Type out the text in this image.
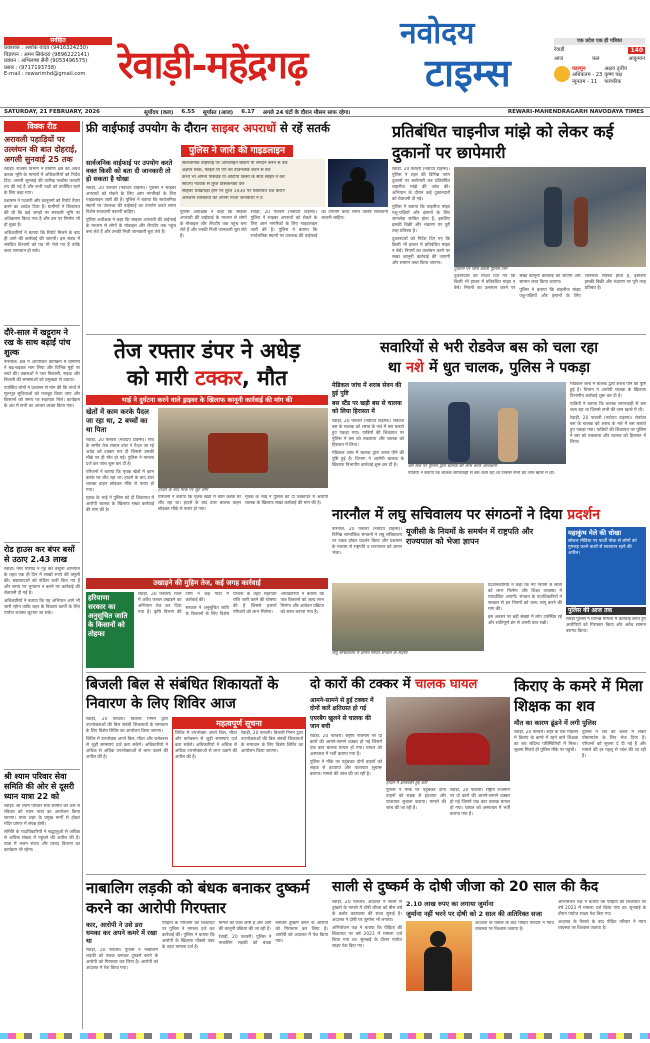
सर्वहित
प्रकाशक : अशोक यादव (9416324230)
विज्ञापन : अमन सिकंदरा (9896222141)
प्रबंधन : अभिलाषा सैनी (9053496575)
प्रसार : (9717193738)
E-mail : rewarimhd@gmail.com रेवाड़ी-महेंद्रगढ़
नवोदय
टाइम्स
एक प्रदेश एक ही पत्रिका
रेवाड़ी	140
आज	कल	आकुमान
फाल्गुन
अधिकतम - 23
न्यूनतम - 11
अक्षय तृतीय
कृष्ण पक्ष
पारंपरिक
SATURDAY, 21 FEBRUARY, 2026	सूर्योदय (कल) 6.55 सूर्यास्त (आज) 6.17 अगले 24 घंटों के दौरान मौसम साफ रहेगा।	REWARI-MAHENDRAGARH NAVODAYA TIMES
विक्क रीड
अरावली पहाड़ियों पर उल्लंघन की बात दोहराई, अगली सुनवाई 25 तक

रेवाड़ी। राजस्व विभाग ने ग्रामीण क्षेत्र की अवैध कब्जा भूमि के मामलों में अधिकारियों को निर्देश दिए। अगली सुनवाई की तारीख पच्चीस फरवरी तय की गई है और सभी पक्षों को उपस्थित रहने के लिए कहा गया।

प्रशासन ने पटवारी और कानूनगो को रिपोर्ट तैयार करने का आदेश दिया है। ग्रामीणों ने शिकायत की थी कि कई जगहों पर सरकारी भूमि पर अतिक्रमण किया गया है और उस पर निर्माण भी हो चुका है।

अधिकारियों ने बताया कि रिपोर्ट मिलने के बाद ही आगे की कार्रवाई की जाएगी। इस संबंध में संबंधित विभागों को पत्र भी भेजे गए हैं ताकि जल्द समाधान हो सके।

दौरे-साल में खट्टूराम ने रख के साथ बढ़ाईं पांच शुल्क

नारनौल। क्षेत्र में आयोजित कार्यक्रम में ग्रामीणों ने बढ़-चढ़कर भाग लिया और विभिन्न मुद्दों पर चर्चा की। वक्ताओं ने जल निकासी, सड़क और बिजली की समस्याओं को प्रमुखता से उठाया।

उपस्थित लोगों ने प्रशासन से मांग की कि गांवों में मूलभूत सुविधाओं को मजबूत किया जाए और किसानों को समय पर सहायता मिले। कार्यक्रम के अंत में सभी का आभार व्यक्त किया गया।

रोड हाउस कर बंपर बसों से उठाए 2.43 लाख

रेवाड़ी। नगर परिषद ने गृह कर वसूली अभियान के तहत एक ही दिन में लाखों रुपये की वसूली की। बकायादारों को नोटिस जारी किए गए हैं और समय पर भुगतान न करने पर कार्रवाई की चेतावनी दी गई है।

अधिकारियों ने बताया कि यह अभियान आगे भी जारी रहेगा ताकि शहर के विकास कार्यों के लिए पर्याप्त राजस्व जुटाया जा सके।

श्री श्याम परिवार सेवा समिति की ओर से दूसरी ध्यान यात्रा 22 को

रेवाड़ी। श्री श्याम परिवार सेवा समिति की ओर से रविवार को ध्यान यात्रा का आयोजन किया जाएगा। यात्रा शहर के प्रमुख मार्गों से होकर मंदिर प्रांगण में संपन्न होगी।

समिति के पदाधिकारियों ने श्रद्धालुओं से अधिक से अधिक संख्या में पहुंचने की अपील की है। यात्रा में भजन संध्या और प्रसाद वितरण का कार्यक्रम भी रहेगा।

फ्री वाईफाई उपयोग के दौरान साइबर अपराधों से रहें सतर्क
पुलिस ने जारी की गाइडलाइन
सार्वजनिक वाईफाई पर उपयोग करते वक्त किसी को बता दी जानकारी तो हो सकता है धोखा

रेवाड़ी, 20 फरवरी (नवोदय टाइम्स)। पुलिस ने साइबर अपराधों को रोकने के लिए आम नागरिकों के लिए गाइडलाइन जारी की है। पुलिस ने बताया कि सार्वजनिक स्थानों पर उपलब्ध फ्री वाईफाई का उपयोग करते समय विशेष सावधानी बरतनी चाहिए।

पुलिस अधीक्षक ने कहा कि साइबर अपराधी फ्री वाईफाई के माध्यम से लोगों के मोबाइल और लैपटॉप तक पहुंच बना लेते हैं और उनकी निजी जानकारी चुरा लेते हैं।

सार्वजनिक वाईफाई पर ऑनलाइन बैंकिंग या लेनदेन करने से बचें
अज्ञात लिंक, फाइल या ऐप को डाउनलोड करने से बचें
कभी भी अपना पासवर्ड या ओटीपी किसी के साथ साझा न करें
संदिग्ध नेटवर्क से तुरंत डिसकनेक्ट करें
साइबर धोखाधड़ी होने पर तुरंत 1930 पर शिकायत दर्ज कराएं
अनजान व्यक्तियों को अपनी निजी जानकारी न दें

पुलिस अधीक्षक ने कहा कि साइबर अपराधी फ्री वाईफाई के माध्यम से लोगों के मोबाइल और लैपटॉप तक पहुंच बना लेते हैं और उनकी निजी जानकारी चुरा लेते हैं।

रेवाड़ी, 20 फरवरी (नवोदय टाइम्स)। पुलिस ने साइबर अपराधों को रोकने के लिए आम नागरिकों के लिए गाइडलाइन जारी की है। पुलिस ने बताया कि सार्वजनिक स्थानों पर उपलब्ध फ्री वाईफाई का उपयोग करते समय विशेष सावधानी बरतनी चाहिए।

प्रतिबंधित चाइनीज मांझे को लेकर कई दुकानों पर छापेमारी

रेवाड़ी, 20 फरवरी (नवोदय टाइम्स)। पुलिस ने शहर की विभिन्न पतंग दुकानों पर छापेमारी कर प्रतिबंधित चाइनीज मांझे की जांच की। अभियान के दौरान कई दुकानदारों को चेतावनी दी गई।

पुलिस ने बताया कि चाइनीज मांझा पशु-पक्षियों और इंसानों के लिए जानलेवा साबित होता है, इसलिए इसकी बिक्री और भंडारण पर पूरी तरह प्रतिबंध है।

दुकानदारों को निर्देश दिए गए कि किसी भी हालत में प्रतिबंधित मांझा न बेचें। नियमों का उल्लंघन करने पर सख्त कानूनी कार्रवाई की जाएगी और सामान जब्त किया जाएगा।

दुकानों पर जांच करती पुलिस टीम

दुकानदारों को निर्देश दिए गए कि किसी भी हालत में प्रतिबंधित मांझा न बेचें। नियमों का उल्लंघन करने पर सख्त कानूनी कार्रवाई की जाएगी और सामान जब्त किया जाएगा।

पुलिस ने बताया कि चाइनीज मांझा पशु-पक्षियों और इंसानों के लिए जानलेवा साबित होता है, इसलिए इसकी बिक्री और भंडारण पर पूरी तरह प्रतिबंध है।

तेज रफ्तार डंपर ने अधेड़
को मारी टक्कर, मौत
भाई ने दुर्घटना करने वाले ड्राइवर के खिलाफ कानूनी कार्रवाई की मांग की
खेतों में काम करके पैदल जा रहा था, 2 बच्चों का था पिता

रेवाड़ी, 20 फरवरी (नवोदय टाइम्स)। गांव के समीप तेज रफ्तार डंपर ने पैदल जा रहे अधेड़ को टक्कर मार दी जिससे उसकी मौके पर ही मौत हो गई। पुलिस ने मामला दर्ज कर जांच शुरू कर दी है।

परिजनों ने बताया कि मृतक खेतों में काम करके घर लौट रहा था। हादसे के बाद डंपर चालक वाहन छोड़कर मौके से फरार हो गया।

मृतक के भाई ने पुलिस को दी शिकायत में आरोपी चालक के खिलाफ सख्त कार्रवाई की मांग की है।

हादसे के बाद मौके पर जुटे लोग

परिजनों ने बताया कि मृतक खेतों में काम करके घर लौट रहा था। हादसे के बाद डंपर चालक वाहन छोड़कर मौके से फरार हो गया।

मृतक के भाई ने पुलिस को दी शिकायत में आरोपी चालक के खिलाफ सख्त कार्रवाई की मांग की है।

सवारियों से भरी रोडवेज बस को चला रहा
था नशे में धुत चालक, पुलिस ने पकड़ा
मेडिकल जांच में शराब सेवन की हुई पुष्टि
बस स्टैंड पर खड़ी बस से चालक को लिया हिरासत में

रेवाड़ी, 20 फरवरी (नवोदय टाइम्स)। रोडवेज बस के चालक को शराब के नशे में बस चलाते हुए पकड़ा गया। यात्रियों की शिकायत पर पुलिस ने बस को रुकवाया और चालक को हिरासत में लिया।

मेडिकल जांच में चालक द्वारा शराब पीने की पुष्टि हुई है। विभाग ने आरोपी चालक के खिलाफ विभागीय कार्रवाई शुरू कर दी है।	बस स्टैंड पर पुलिस द्वारा चालक की जांच करते अधिकारी

यात्रियों ने बताया कि चालक लापरवाही से बस चला रहा था जिससे सभी की जान खतरे में थी।

मेडिकल जांच में चालक द्वारा शराब पीने की पुष्टि हुई है। विभाग ने आरोपी चालक के खिलाफ विभागीय कार्रवाई शुरू कर दी है।

यात्रियों ने बताया कि चालक लापरवाही से बस चला रहा था जिससे सभी की जान खतरे में थी।

रेवाड़ी, 20 फरवरी (नवोदय टाइम्स)। रोडवेज बस के चालक को शराब के नशे में बस चलाते हुए पकड़ा गया। यात्रियों की शिकायत पर पुलिस ने बस को रुकवाया और चालक को हिरासत में लिया।

नारनौल में लघु सचिवालय पर संगठनों ने दिया प्रदर्शन

नारनौल, 20 फरवरी (नवोदय टाइम्स)। विभिन्न सामाजिक संगठनों ने लघु सचिवालय पर एकत्र होकर प्रदर्शन किया और प्रशासन के माध्यम से राष्ट्रपति व राज्यपाल को ज्ञापन भेजा।

यूजीसी के नियमों के समर्थन में राष्ट्रपति और राज्यपाल को भेजा ज्ञापन
लघु सचिवालय में ज्ञापन सौंपते संगठन के सदस्य

प्रदर्शनकारियों ने कहा कि नए नियमों से छात्रों को लाभ मिलेगा और शिक्षा व्यवस्था में पारदर्शिता आएगी। संगठन के पदाधिकारियों ने सरकार से इन नियमों को जल्द लागू करने की मांग की।

इस अवसर पर बड़ी संख्या में लोग उपस्थित रहे और शांतिपूर्ण ढंग से अपनी बात रखी।

महाकुंभ मेले की धोखा
सोशल मीडिया पर फर्जी पोस्ट से लोगों को गुमराह करने वालों से सावधान रहने की अपील।
पुलिस की आज तक
रेवाड़ी पुलिस ने विभिन्न मामलों में कार्रवाई करते हुए आरोपियों को गिरफ्तार किया और अवैध सामान बरामद किया।
उखाड़ने की मुहिम तेज, कई जगह कार्रवाई
हरियाणा
सरकार का
अनुसूचित जाति
के किसानों को
तोहफा

रेवाड़ी, 20 फरवरी। जिले में अवैध फसल उखाड़ने का अभियान तेज कर दिया गया है। कृषि विभाग की टीमों ने कई गांवों में कार्रवाई की।

सरकार ने अनुसूचित जाति के किसानों के लिए विशेष योजना के तहत सहायता राशि जारी करने की घोषणा की है जिससे हजारों परिवारों को लाभ मिलेगा।

अधिकारियों ने बताया कि पात्र किसानों को जल्द लाभ मिलेगा और आवेदन प्रक्रिया को सरल बनाया गया है।

बिजली बिल से संबंधित शिकायतों के निवारण के लिए शिविर आज

रेवाड़ी, 20 फरवरी। बिजली निगम द्वारा उपभोक्ताओं की बिल संबंधी शिकायतों के समाधान के लिए विशेष शिविर का आयोजन किया जाएगा।

शिविर में उपभोक्ता अपने बिल, मीटर और कनेक्शन से जुड़ी समस्याएं दर्ज करा सकेंगे। अधिकारियों ने अधिक से अधिक उपभोक्ताओं से लाभ उठाने की अपील की है।

महत्वपूर्ण सूचना

शिविर में उपभोक्ता अपने बिल, मीटर और कनेक्शन से जुड़ी समस्याएं दर्ज करा सकेंगे। अधिकारियों ने अधिक से अधिक उपभोक्ताओं से लाभ उठाने की अपील की है।

रेवाड़ी, 20 फरवरी। बिजली निगम द्वारा उपभोक्ताओं की बिल संबंधी शिकायतों के समाधान के लिए विशेष शिविर का आयोजन किया जाएगा।

दो कारों की टक्कर में चालक घायल
आमने-सामने से हुई टक्कर में दोनों कारें क्षतिग्रस्त हो गई
एयरबैग खुलने से चालक की जान बची

रेवाड़ी, 20 फरवरी। राष्ट्रीय राजमार्ग पर दो कारों की आमने-सामने टक्कर हो गई जिसमें एक कार चालक घायल हो गया। घायल को अस्पताल में भर्ती कराया गया है।

पुलिस ने मौके पर पहुंचकर दोनों वाहनों को सड़क से हटवाया और यातायात सुचारू कराया। मामले की जांच की जा रही है।

हादसे में क्षतिग्रस्त हुई कार

पुलिस ने मौके पर पहुंचकर दोनों वाहनों को सड़क से हटवाया और यातायात सुचारू कराया। मामले की जांच की जा रही है।

रेवाड़ी, 20 फरवरी। राष्ट्रीय राजमार्ग पर दो कारों की आमने-सामने टक्कर हो गई जिसमें एक कार चालक घायल हो गया। घायल को अस्पताल में भर्ती कराया गया है।

किराए के कमरे में मिला शिक्षक का शव
मौत का कारण ढूंढने में लगी पुलिस

रेवाड़ी, 20 फरवरी। शहर के एक मोहल्ले में किराए के कमरे में रहने वाले शिक्षक का शव संदिग्ध परिस्थितियों में मिला। सूचना मिलते ही पुलिस मौके पर पहुंची।

पुलिस ने शव को कब्जे में लेकर पोस्टमार्टम के लिए भेज दिया है। परिजनों को सूचना दे दी गई है और मामले की हर पहलू से जांच की जा रही है।

नाबालिग लड़की को बंधक बनाकर दुष्कर्म करने का आरोपी गिरफ्तार
कार, आरोपी ने उसे डरा धमका कर अपने कमरे में रखा था

रेवाड़ी, 20 फरवरी। पुलिस ने नाबालिग लड़की को बंधक बनाकर दुष्कर्म करने के आरोपी को गिरफ्तार कर लिया है। आरोपी को अदालत में पेश किया गया।

पीड़िता के परिजनों की शिकायत पर पुलिस ने मामला दर्ज कर कार्रवाई की। पुलिस ने बताया कि आरोपी के खिलाफ पॉक्सो एक्ट के तहत मामला दर्ज है।

मामले की जांच जारी है और आगे की कानूनी प्रक्रिया की जा रही है।

रेवाड़ी, 20 फरवरी। पुलिस ने नाबालिग लड़की को बंधक बनाकर दुष्कर्म करने के आरोपी को गिरफ्तार कर लिया है। आरोपी को अदालत में पेश किया गया।

साली से दुष्कर्म के दोषी जीजा को 20 साल की कैद

रेवाड़ी, 20 फरवरी। अदालत ने साली से दुष्कर्म के मामले में दोषी जीजा को बीस वर्ष के कठोर कारावास की सजा सुनाई है। अदालत ने दोषी पर जुर्माना भी लगाया।

अभियोजन पक्ष ने बताया कि पीड़िता की शिकायत पर वर्ष 2023 में मामला दर्ज किया गया था। सुनवाई के दौरान पर्याप्त साक्ष्य पेश किए गए।

2.10 लाख रुपए का लगाया जुर्माना
जुर्माना नहीं भरने पर दोषी को 2 साल की अतिरिक्त सजा

अदालत के फैसले के बाद पीड़ित परिवार ने न्याय व्यवस्था पर विश्वास जताया है।

अभियोजन पक्ष ने बताया कि पीड़िता की शिकायत पर वर्ष 2023 में मामला दर्ज किया गया था। सुनवाई के दौरान पर्याप्त साक्ष्य पेश किए गए।

अदालत के फैसले के बाद पीड़ित परिवार ने न्याय व्यवस्था पर विश्वास जताया है।
